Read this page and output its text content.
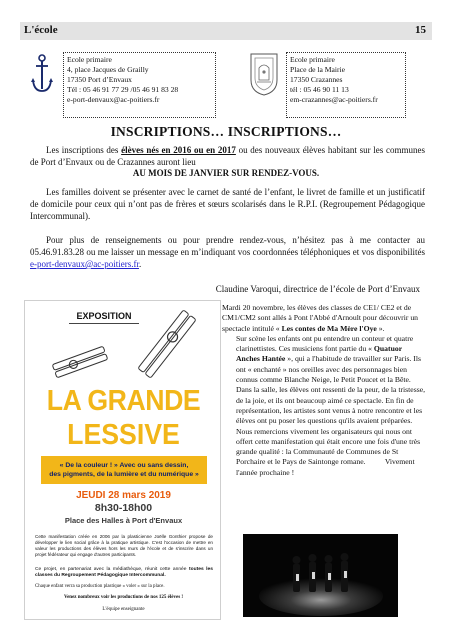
L'école	15
Ecole primaire
4, place Jacques de Grailly
17350 Port d’Envaux
Tél : 05 46 91 77 29 /05 46 91 83 28
e-port-denvaux@ac-poitiers.fr
Ecole primaire
Place de la Mairie
17350 Crazannes
tél : 05 46 90 11 13
em-crazannes@ac-poitiers.fr
INSCRIPTIONS… INSCRIPTIONS…
Les inscriptions des élèves nés en 2016 ou en 2017 ou des nouveaux élèves habitant sur les communes de Port d’Envaux ou de Crazannes auront lieu
AU MOIS DE JANVIER SUR RENDEZ-VOUS.
Les familles doivent se présenter avec le carnet de santé de l’enfant, le livret de famille et un justificatif de domicile pour ceux qui n’ont pas de frères et sœurs scolarisés dans le R.P.I. (Regroupement Pédagogique Intercommunal).
Pour plus de renseignements ou pour prendre rendez-vous, n’hésitez pas à me contacter au 05.46.91.83.28 ou me laisser un message en m’indiquant vos coordonnées téléphoniques et vos disponibilités e-port-denvaux@ac-poitiers.fr.
Claudine Varoqui, directrice de l’école de Port d’Envaux
EXPOSITION
LA GRANDE
LESSIVE
« De la couleur ! » Avec ou sans dessin,
des pigments, de la lumière et du numérique »
JEUDI 28 mars 2019
8h30-18h00
Place des Halles à Port d'Envaux
Cette manifestation créée en 2006 par la plasticienne Joëlle Gonthier propose de développer le lien social grâce à la pratique artistique. C'est l'occasion de mettre en valeur les productions des élèves hors les murs de l'école et de s'inscrire dans un projet fédérateur qui engage d'autres participants.
Ce projet, en partenariat avec la médiathèque, réunit cette année toutes les classes du Regroupement Pédagogique Intercommunal.
Chaque enfant verra sa production plastique « voler » sur la place.
Venez nombreux voir les productions de nos 125 élèves !
L'équipe enseignante
Mardi 20 novembre, les élèves des classes de CE1/ CE2 et de CM1/CM2 sont allés à Pont l'Abbé d'Arnoult pour découvrir un spectacle intitulé « Les contes de Ma Mère l'Oye ».
Sur scène les enfants ont pu entendre un conteur et quatre clarinettistes. Ces musiciens font partie du « Quatuor Anches Hantée », qui a l'habitude de travailler sur Paris. Ils ont « enchanté » nos oreilles avec des personnages bien connus comme Blanche Neige, le Petit Poucet et la Bête.
Dans la salle, les élèves ont ressenti de la peur, de la tristesse, de la joie, et ils ont beaucoup aimé ce spectacle. En fin de représentation, les artistes sont venus à notre rencontre et les élèves ont pu poser les questions qu'ils avaient préparées.
Nous remercions vivement les organisateurs qui nous ont offert cette manifestation qui était encore une fois d'une très grande qualité : la Communauté de Communes de St Porchaire et le Pays de Saintonge romane. Vivement l'année prochaine !
